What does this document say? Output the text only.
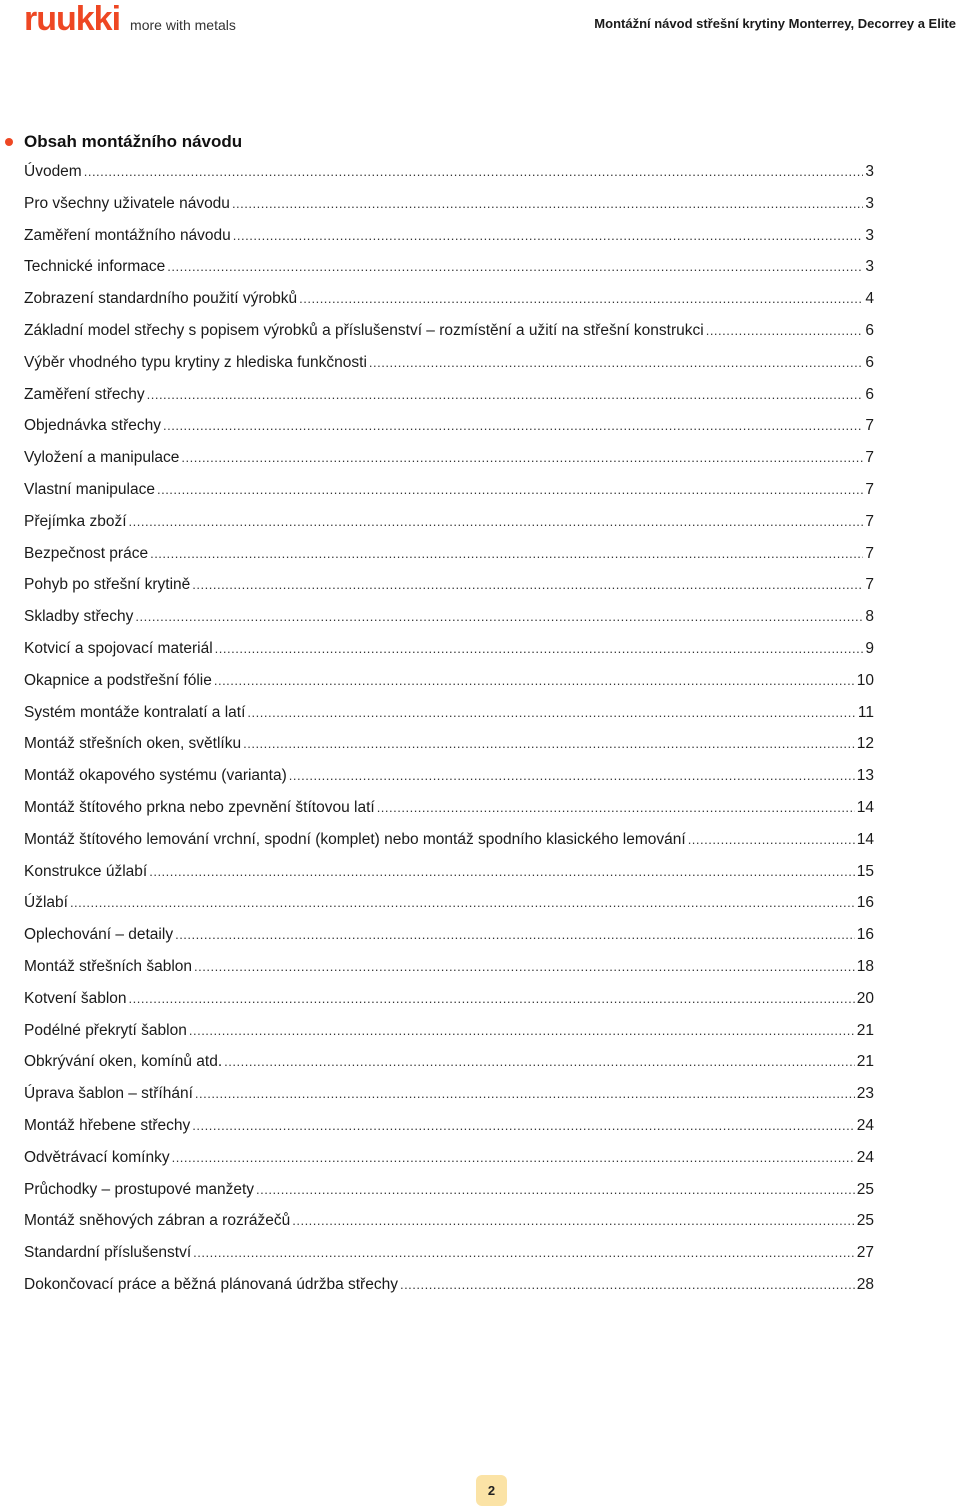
ruukki more with metals	Montážní návod střešní krytiny Monterrey, Decorrey a Elite
Obsah montážního návodu
Úvodem .....	3
Pro všechny uživatele návodu .....	3
Zaměření montážního návodu .....	3
Technické informace .....	3
Zobrazení standardního použití výrobků .....	4
Základní model střechy s popisem výrobků a příslušenství – rozmístění a užití na střešní konstrukci .....	6
Výběr vhodného typu krytiny z hlediska funkčnosti .....	6
Zaměření střechy .....	6
Objednávka střechy .....	7
Vyložení a manipulace .....	7
Vlastní manipulace .....	7
Přejímka zboží .....	7
Bezpečnost práce .....	7
Pohyb po střešní krytině .....	7
Skladby střechy .....	8
Kotvicí a spojovací materiál .....	9
Okapnice a podstřešní fólie .....	10
Systém montáže kontralatí a latí .....	11
Montáž střešních oken, světlíku .....	12
Montáž okapového systému (varianta) .....	13
Montáž štítového prkna nebo zpevnění štítovou latí .....	14
Montáž štítového lemování vrchní, spodní (komplet) nebo montáž spodního klasického lemování .....	14
Konstrukce úžlabí .....	15
Úžlabí .....	16
Oplechování – detaily .....	16
Montáž střešních šablon .....	18
Kotvení šablon .....	20
Podélné překrytí šablon .....	21
Obkrývání oken, komínů atd. .....	21
Úprava šablon – stříhání .....	23
Montáž hřebene střechy .....	24
Odvětrávací komínky .....	24
Průchodky – prostupové manžety .....	25
Montáž sněhových zábran a rozrážečů .....	25
Standardní příslušenství .....	27
Dokončovací práce a běžná plánovaná údržba střechy .....	28
2
